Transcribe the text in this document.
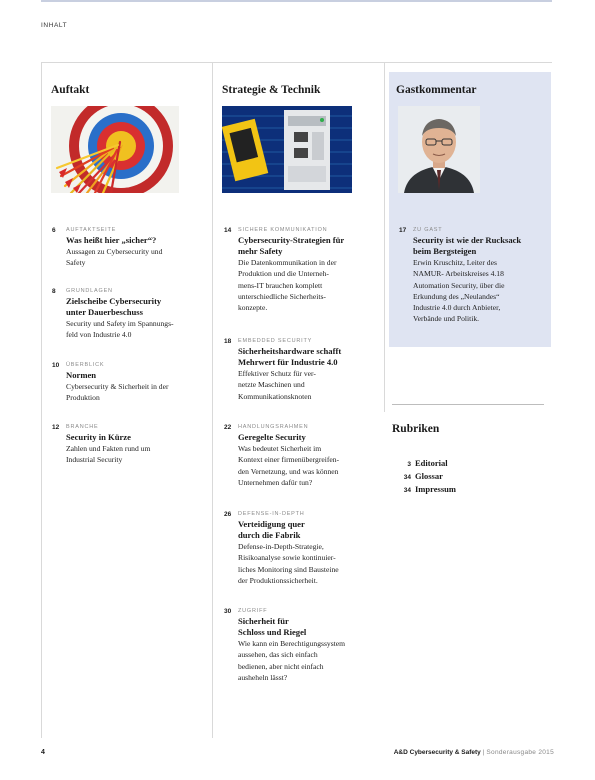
INHALT
Auftakt	Strategie & Technik	Gastkommentar
6 AUFTAKTSEITE
Was heißt hier „sicher“?
Aussagen zu Cybersecurity und
Safety
8 GRUNDLAGEN
Zielscheibe Cybersecurity
unter Dauerbeschuss
Security und Safety im Spannungs-
feld von Industrie 4.0
10 ÜBERBLICK
Normen
Cybersecurity & Sicherheit in der
Produktion
12 BRANCHE
Security in Kürze
Zahlen und Fakten rund um
Industrial Security
14 SICHERE KOMMUNIKATION
Cybersecurity-Strategien für
mehr Safety
Die Datenkommunikation in der
Produktion und die Unterneh-
mens-IT brauchen komplett
unterschiedliche Sicherheits-
konzepte.
18 EMBEDDED SECURITY
Sicherheitshardware schafft
Mehrwert für Industrie 4.0
Effektiver Schutz für ver-
netzte Maschinen und
Kommunikationsknoten
22 HANDLUNGSRAHMEN
Geregelte Security
Was bedeutet Sicherheit im
Kontext einer firmenübergreifen-
den Vernetzung, und was können
Unternehmen dafür tun?
26 DEFENSE-IN-DEPTH
Verteidigung quer
durch die Fabrik
Defense-in-Depth-Strategie,
Risikoanalyse sowie kontinuier-
liches Monitoring sind Bausteine
der Produktionssicherheit.
30 ZUGRIFF
Sicherheit für
Schloss und Riegel
Wie kann ein Berechtigungssystem
aussehen, das sich einfach
bedienen, aber nicht einfach
ausheheln lässt?
17 ZU GAST
Security ist wie der Rucksack
beim Bergsteigen
Erwin Kruschitz, Leiter des
NAMUR- Arbeitskreises 4.18
Automation Security, über die
Erkundung des „Neulandes“
Industrie 4.0 durch Anbieter,
Verbände und Politik.
Rubriken
3 Editorial
34 Glossar
34 Impressum
4	A&D Cybersecurity & Safety | Sonderausgabe 2015
